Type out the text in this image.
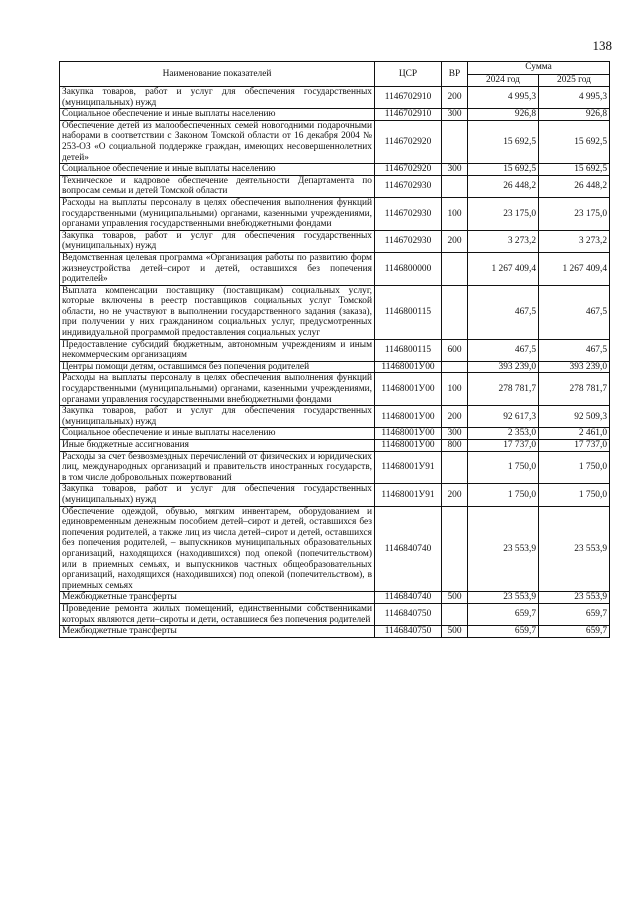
138
Наименование показателей	ЦСР	ВР	Сумма	
			2024 год	2025 год
Закупка товаров, работ и услуг для обеспечения государственных (муниципальных) нужд	1146702910	200	4 995,3	4 995,3
Социальное обеспечение и иные выплаты населению	1146702910	300	926,8	926,8
Обеспечение детей из малообеспеченных семей новогодними подарочными наборами в соответствии с Законом Томской области от 16 декабря 2004 № 253-ОЗ «О социальной поддержке граждан, имеющих несовершеннолетних детей»	1146702920		15 692,5	15 692,5
Социальное обеспечение и иные выплаты населению	1146702920	300	15 692,5	15 692,5
Техническое и кадровое обеспечение деятельности Департамента по вопросам семьи и детей Томской области	1146702930		26 448,2	26 448,2
Расходы на выплаты персоналу в целях обеспечения выполнения функций государственными (муниципальными) органами, казенными учреждениями, органами управления государственными внебюджетными фондами	1146702930	100	23 175,0	23 175,0
Закупка товаров, работ и услуг для обеспечения государственных (муниципальных) нужд	1146702930	200	3 273,2	3 273,2
Ведомственная целевая программа «Организация работы по развитию форм жизнеустройства детей–сирот и детей, оставшихся без попечения родителей»	1146800000		1 267 409,4	1 267 409,4
Выплата компенсации поставщику (поставщикам) социальных услуг, которые включены в реестр поставщиков социальных услуг Томской области, но не участвуют в выполнении государственного задания (заказа), при получении у них гражданином социальных услуг, предусмотренных индивидуальной программой предоставления социальных услуг	1146800115		467,5	467,5
Предоставление субсидий бюджетным, автономным учреждениям и иным некоммерческим организациям	1146800115	600	467,5	467,5
Центры помощи детям, оставшимся без попечения родителей	11468001У00		393 239,0	393 239,0
Расходы на выплаты персоналу в целях обеспечения выполнения функций государственными (муниципальными) органами, казенными учреждениями, органами управления государственными внебюджетными фондами	11468001У00	100	278 781,7	278 781,7
Закупка товаров, работ и услуг для обеспечения государственных (муниципальных) нужд	11468001У00	200	92 617,3	92 509,3
Социальное обеспечение и иные выплаты населению	11468001У00	300	2 353,0	2 461,0
Иные бюджетные ассигнования	11468001У00	800	17 737,0	17 737,0
Расходы за счет безвозмездных перечислений от физических и юридических лиц, международных организаций и правительств иностранных государств, в том числе добровольных пожертвований	11468001У91		1 750,0	1 750,0
Закупка товаров, работ и услуг для обеспечения государственных (муниципальных) нужд	11468001У91	200	1 750,0	1 750,0
Обеспечение одеждой, обувью, мягким инвентарем, оборудованием и единовременным денежным пособием детей–сирот и детей, оставшихся без попечения родителей, а также лиц из числа детей–сирот и детей, оставшихся без попечения родителей, – выпускников муниципальных образовательных организаций, находящихся (находившихся) под опекой (попечительством) или в приемных семьях, и выпускников частных общеобразовательных организаций, находящихся (находившихся) под опекой (попечительством), в приемных семьях	1146840740		23 553,9	23 553,9
Межбюджетные трансферты	1146840740	500	23 553,9	23 553,9
Проведение ремонта жилых помещений, единственными собственниками которых являются дети–сироты и дети, оставшиеся без попечения родителей	1146840750		659,7	659,7
Межбюджетные трансферты	1146840750	500	659,7	659,7
